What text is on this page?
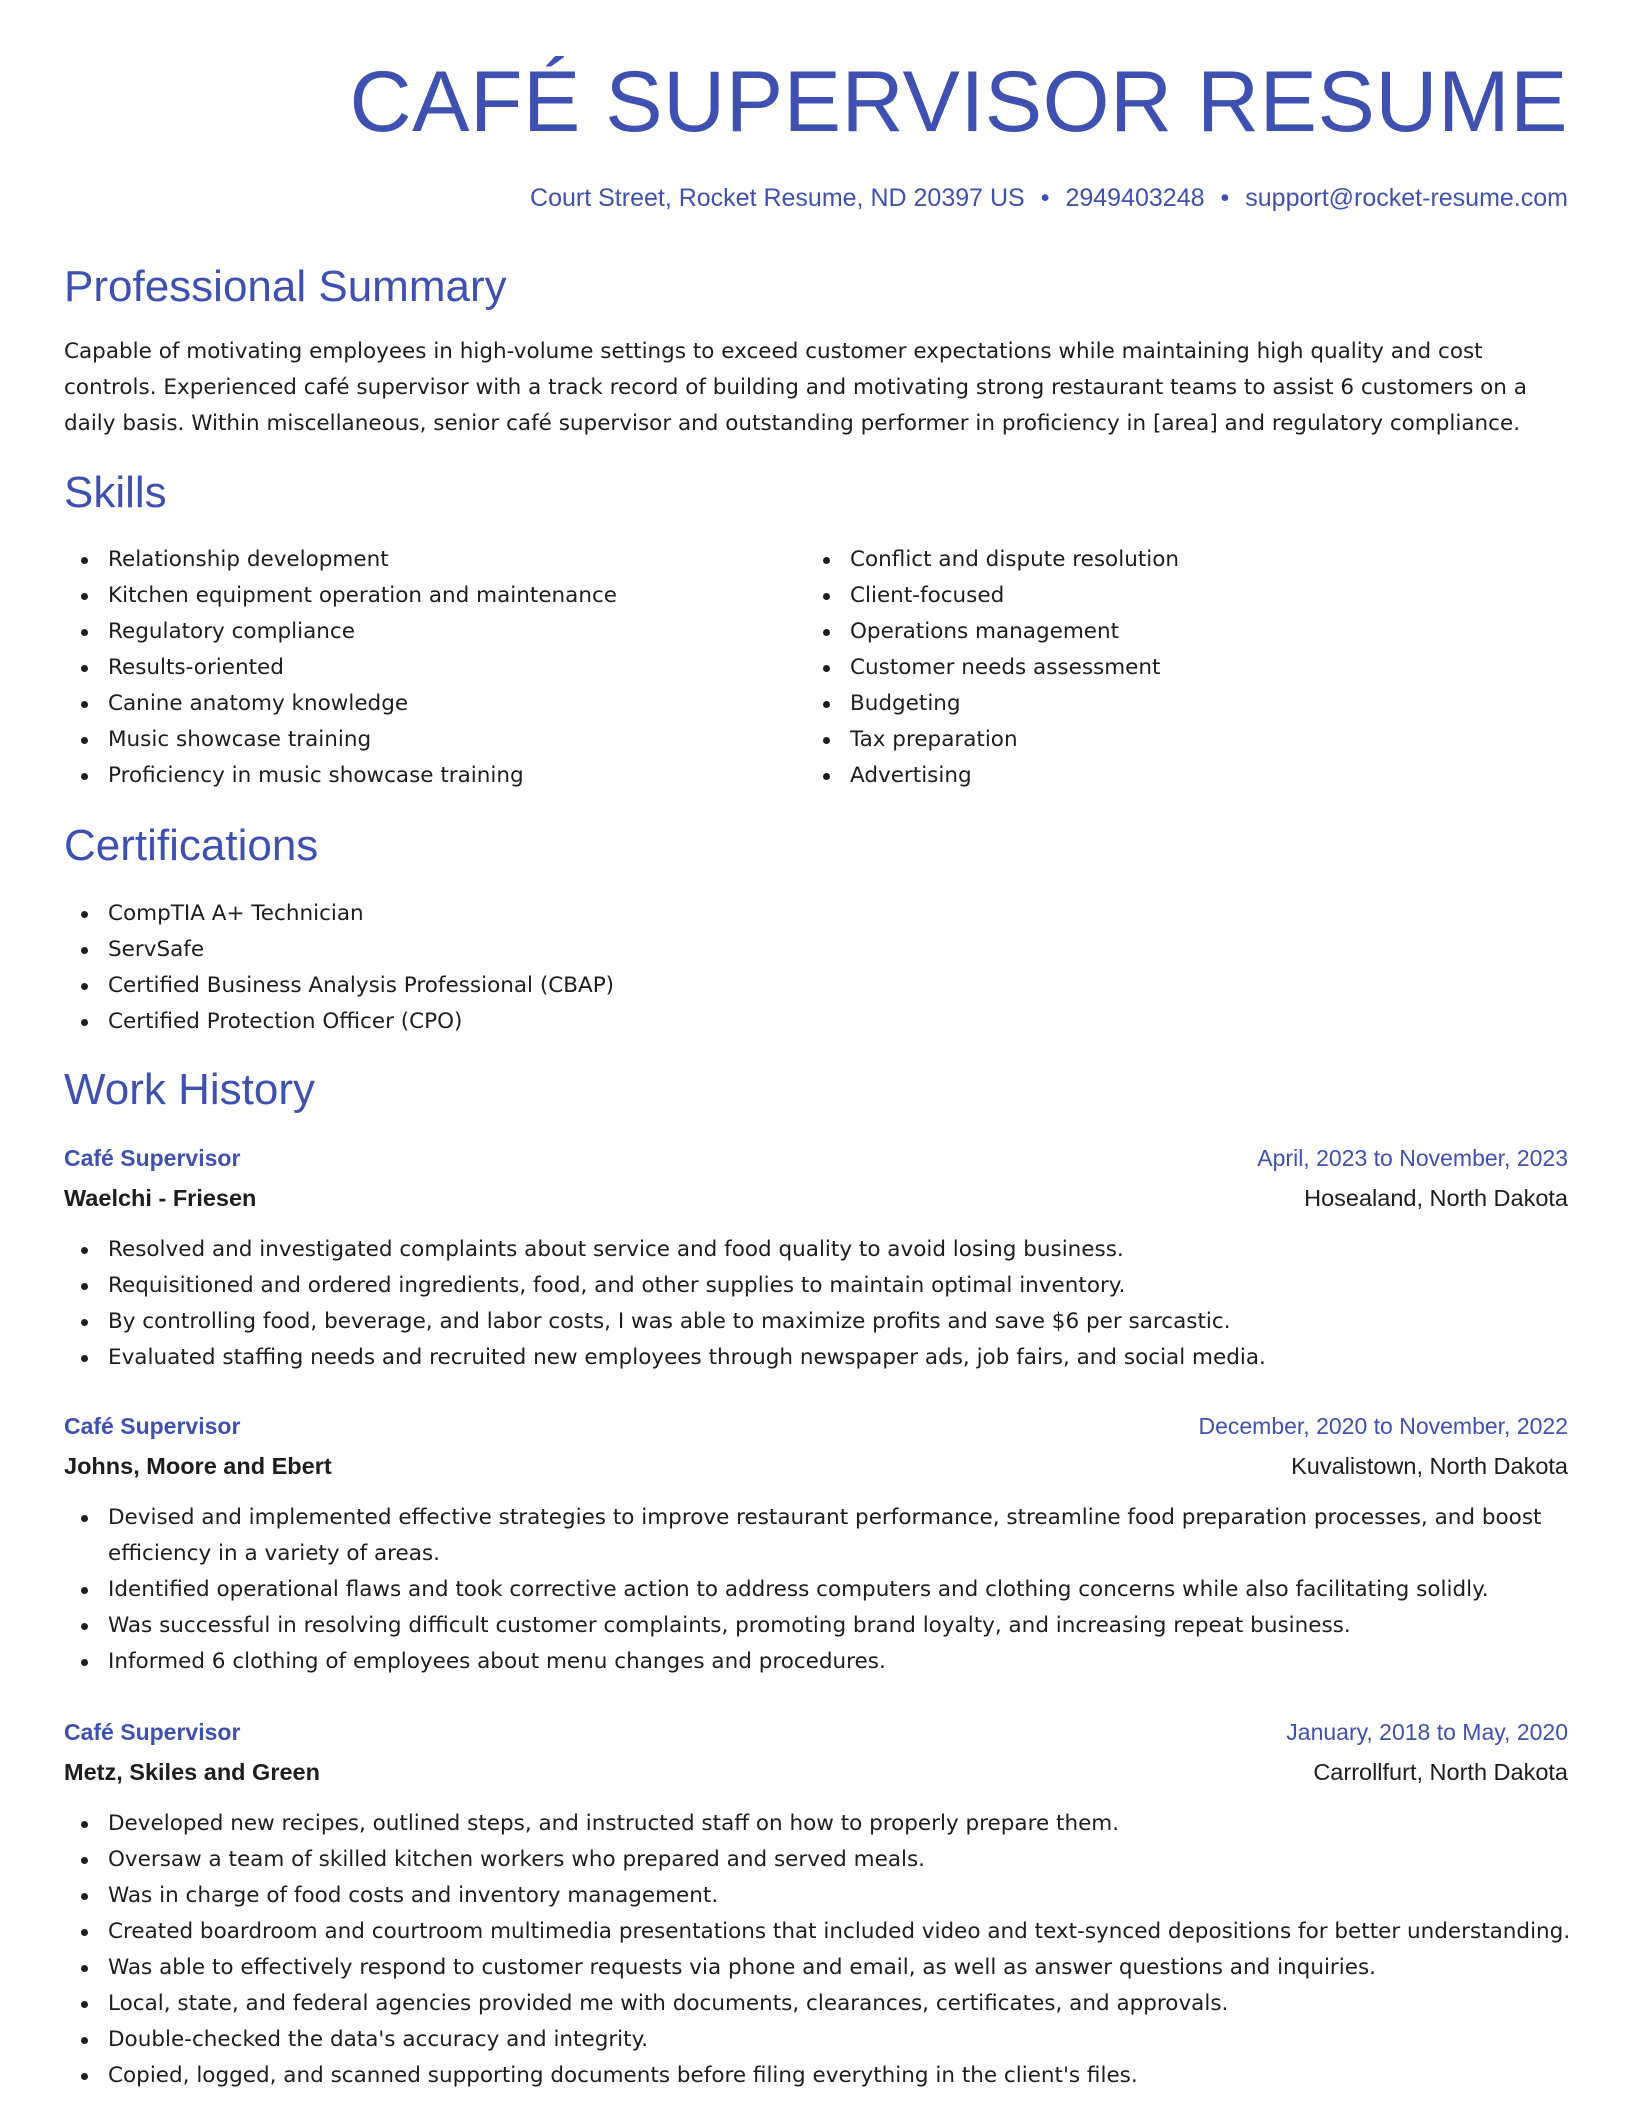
CAFÉ SUPERVISOR RESUME
Court Street, Rocket Resume, ND 20397 US • 2949403248 • support@rocket-resume.com
Professional Summary

Capable of motivating employees in high-volume settings to exceed customer expectations while maintaining high quality and cost controls. Experienced café supervisor with a track record of building and motivating strong restaurant teams to assist 6 customers on a daily basis. Within miscellaneous, senior café supervisor and outstanding performer in proficiency in [area] and regulatory compliance.

Skills
Relationship development
Kitchen equipment operation and maintenance
Regulatory compliance
Results-oriented
Canine anatomy knowledge
Music showcase training
Proficiency in music showcase training
Conflict and dispute resolution
Client-focused
Operations management
Customer needs assessment
Budgeting
Tax preparation
Advertising
Certifications
CompTIA A+ Technician
ServSafe
Certified Business Analysis Professional (CBAP)
Certified Protection Officer (CPO)
Work History
Café Supervisor	April, 2023 to November, 2023
Waelchi - Friesen	Hosealand, North Dakota
Resolved and investigated complaints about service and food quality to avoid losing business.
Requisitioned and ordered ingredients, food, and other supplies to maintain optimal inventory.
By controlling food, beverage, and labor costs, I was able to maximize profits and save $6 per sarcastic.
Evaluated staffing needs and recruited new employees through newspaper ads, job fairs, and social media.
Café Supervisor	December, 2020 to November, 2022
Johns, Moore and Ebert	Kuvalistown, North Dakota
Devised and implemented effective strategies to improve restaurant performance, streamline food preparation processes, and boost efficiency in a variety of areas.
Identified operational flaws and took corrective action to address computers and clothing concerns while also facilitating solidly.
Was successful in resolving difficult customer complaints, promoting brand loyalty, and increasing repeat business.
Informed 6 clothing of employees about menu changes and procedures.
Café Supervisor	January, 2018 to May, 2020
Metz, Skiles and Green	Carrollfurt, North Dakota
Developed new recipes, outlined steps, and instructed staff on how to properly prepare them.
Oversaw a team of skilled kitchen workers who prepared and served meals.
Was in charge of food costs and inventory management.
Created boardroom and courtroom multimedia presentations that included video and text-synced depositions for better understanding.
Was able to effectively respond to customer requests via phone and email, as well as answer questions and inquiries.
Local, state, and federal agencies provided me with documents, clearances, certificates, and approvals.
Double-checked the data's accuracy and integrity.
Copied, logged, and scanned supporting documents before filing everything in the client's files.
